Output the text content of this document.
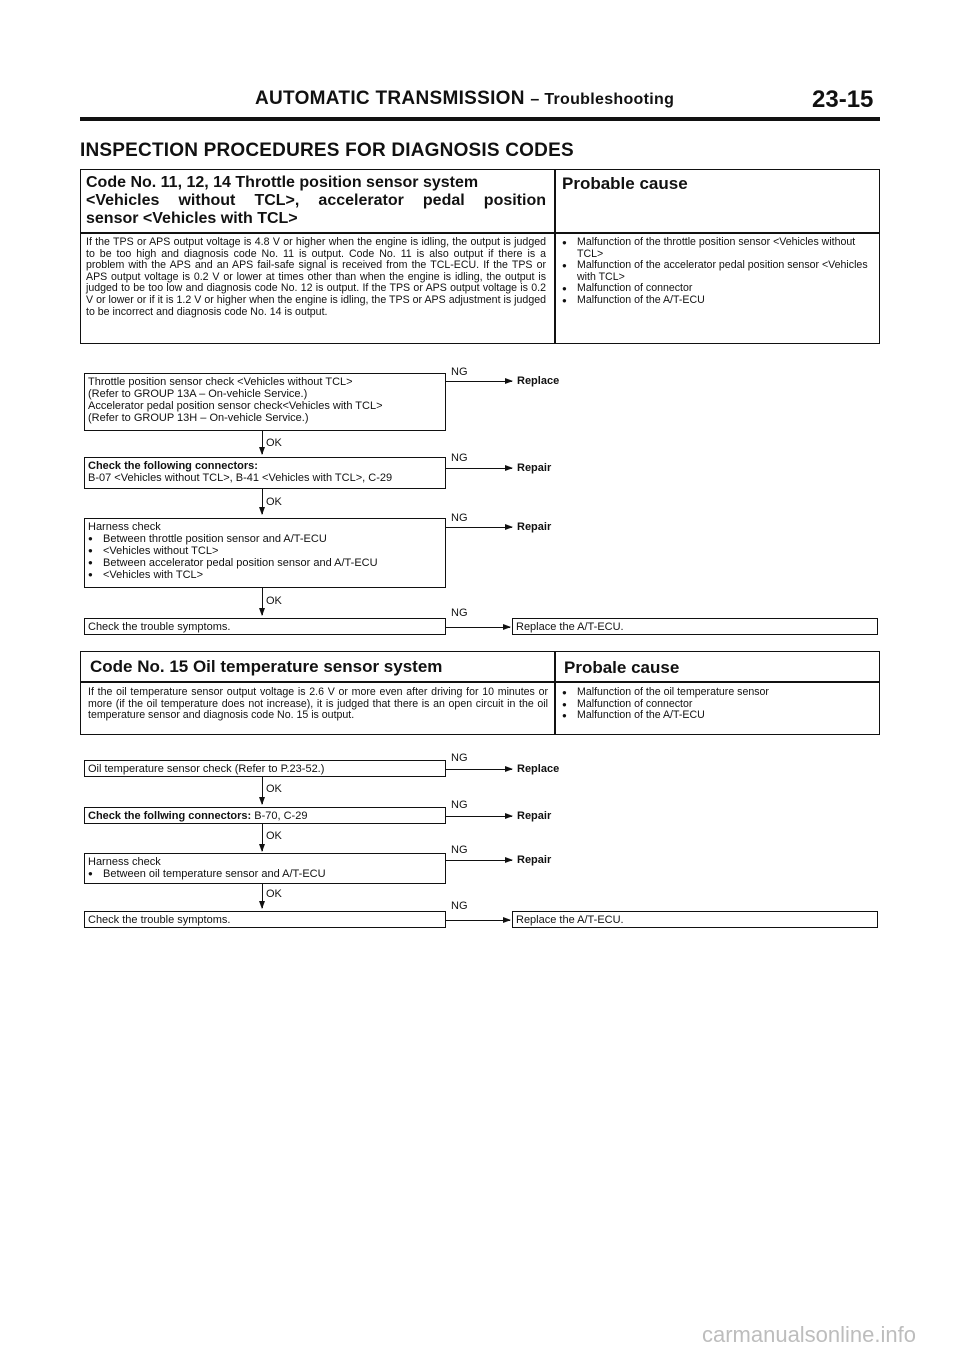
AUTOMATIC TRANSMISSION – Troubleshooting	23-15
INSPECTION PROCEDURES FOR DIAGNOSIS CODES
Code No. 11, 12, 14 Throttle position sensor system
<Vehicles without TCL>, accelerator pedal position
sensor <Vehicles with TCL>
Probable cause
If the TPS or APS output voltage is 4.8 V or higher when the engine is idling, the output is judged to be too high and diagnosis code No. 11 is output. Code No. 11 is also output if there is a problem with the APS and an APS fail-safe signal is received from the TCL-ECU. If the TPS or APS output voltage is 0.2 V or lower at times other than when the engine is idling, the output is judged to be too low and diagnosis code No. 12 is output. If the TPS or APS output voltage is 0.2 V or lower or if it is 1.2 V or higher when the engine is idling, the TPS or APS adjustment is judged to be incorrect and diagnosis code No. 14 is output.
● Malfunction of the throttle position sensor <Vehicles without TCL>
● Malfunction of the accelerator pedal position sensor <Vehicles with TCL>
● Malfunction of connector
● Malfunction of the A/T-ECU
Throttle position sensor check <Vehicles without TCL>
(Refer to GROUP 13A – On-vehicle Service.)
Accelerator pedal position sensor check<Vehicles with TCL>
(Refer to GROUP 13H – On-vehicle Service.)
NG
Replace
OK
Check the following connectors:
B-07 <Vehicles without TCL>, B-41 <Vehicles with TCL>, C-29
NG
Repair
OK
Harness check
● Between throttle position sensor and A/T-ECU
● <Vehicles without TCL>
● Between accelerator pedal position sensor and A/T-ECU
● <Vehicles with TCL>
NG
Repair
OK
Check the trouble symptoms.
NG
Replace the A/T-ECU.
Code No. 15 Oil temperature sensor system	Probale cause
If the oil temperature sensor output voltage is 2.6 V or more even after driving for 10 minutes or more (if the oil temperature does not increase), it is judged that there is an open circuit in the oil temperature sensor and diagnosis code No. 15 is output.
● Malfunction of the oil temperature sensor
● Malfunction of connector
● Malfunction of the A/T-ECU
Oil temperature sensor check (Refer to P.23-52.)
NG
Replace
OK
Check the follwing connectors: B-70, C-29
NG
Repair
OK
Harness check
● Between oil temperature sensor and A/T-ECU
NG
Repair
OK
Check the trouble symptoms.
NG
Replace the A/T-ECU.
carmanualsonline.info
